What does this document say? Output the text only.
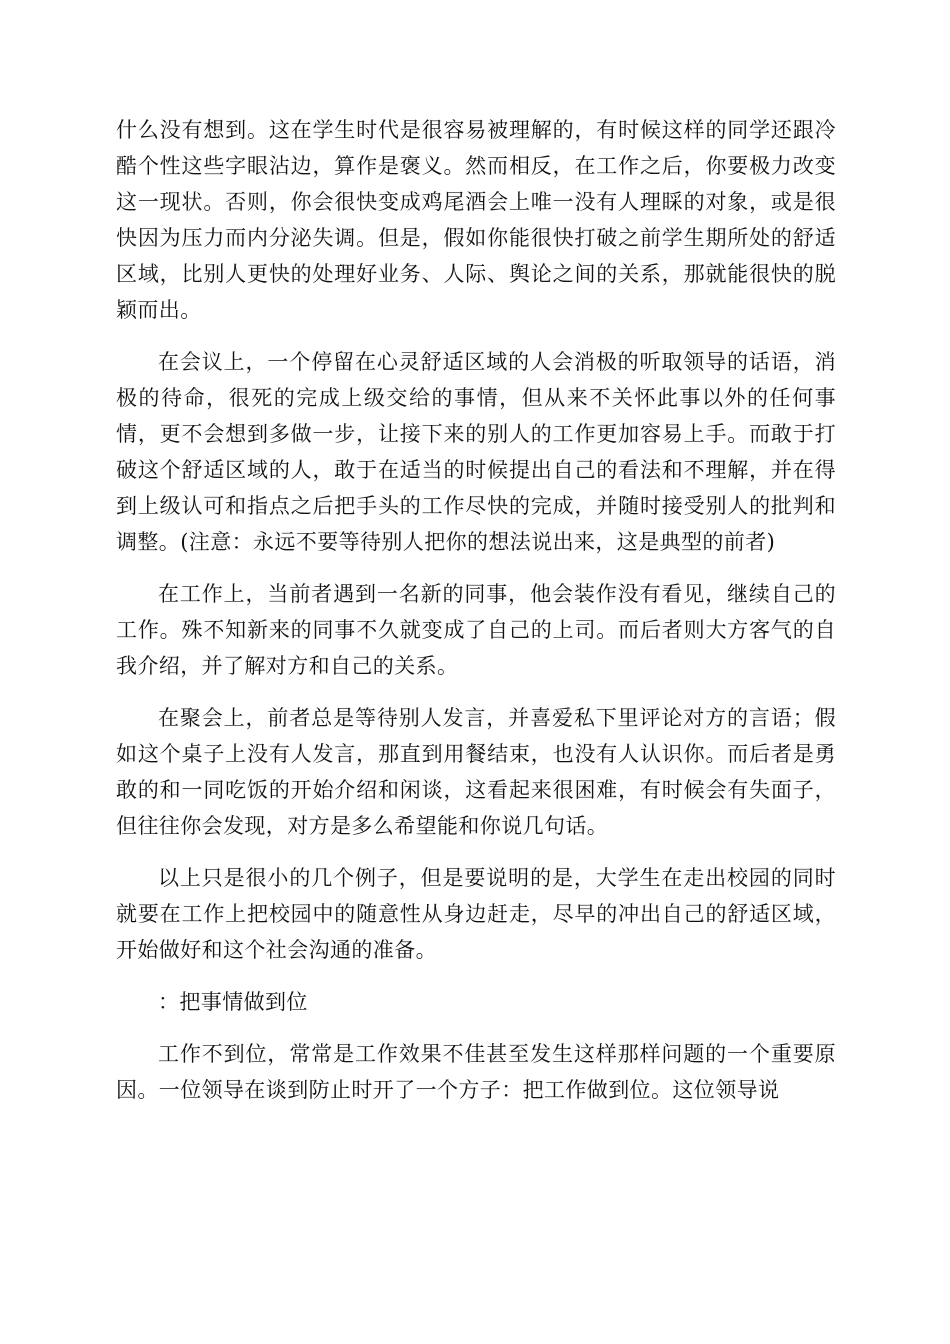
什么没有想到。这在学生时代是很容易被理解的，有时候这样的同学还跟冷酷个性这些字眼沾边，算作是褒义。然而相反，在工作之后，你要极力改变这一现状。否则，你会很快变成鸡尾酒会上唯一没有人理睬的对象，或是很快因为压力而内分泌失调。但是，假如你能很快打破之前学生期所处的舒适区域，比别人更快的处理好业务、人际、舆论之间的关系，那就能很快的脱颖而出。

在会议上，一个停留在心灵舒适区域的人会消极的听取领导的话语，消极的待命，很死的完成上级交给的事情，但从来不关怀此事以外的任何事情，更不会想到多做一步，让接下来的别人的工作更加容易上手。而敢于打破这个舒适区域的人，敢于在适当的时候提出自己的看法和不理解，并在得到上级认可和指点之后把手头的工作尽快的完成，并随时接受别人的批判和调整。(注意：永远不要等待别人把你的想法说出来，这是典型的前者)

在工作上，当前者遇到一名新的同事，他会装作没有看见，继续自己的工作。殊不知新来的同事不久就变成了自己的上司。而后者则大方客气的自我介绍，并了解对方和自己的关系。

在聚会上，前者总是等待别人发言，并喜爱私下里评论对方的言语；假如这个桌子上没有人发言，那直到用餐结束，也没有人认识你。而后者是勇敢的和一同吃饭的开始介绍和闲谈，这看起来很困难，有时候会有失面子，但往往你会发现，对方是多么希望能和你说几句话。

以上只是很小的几个例子，但是要说明的是，大学生在走出校园的同时就要在工作上把校园中的随意性从身边赶走，尽早的冲出自己的舒适区域，开始做好和这个社会沟通的准备。

：把事情做到位

工作不到位，常常是工作效果不佳甚至发生这样那样问题的一个重要原因。一位领导在谈到防止时开了一个方子：把工作做到位。这位领导说
